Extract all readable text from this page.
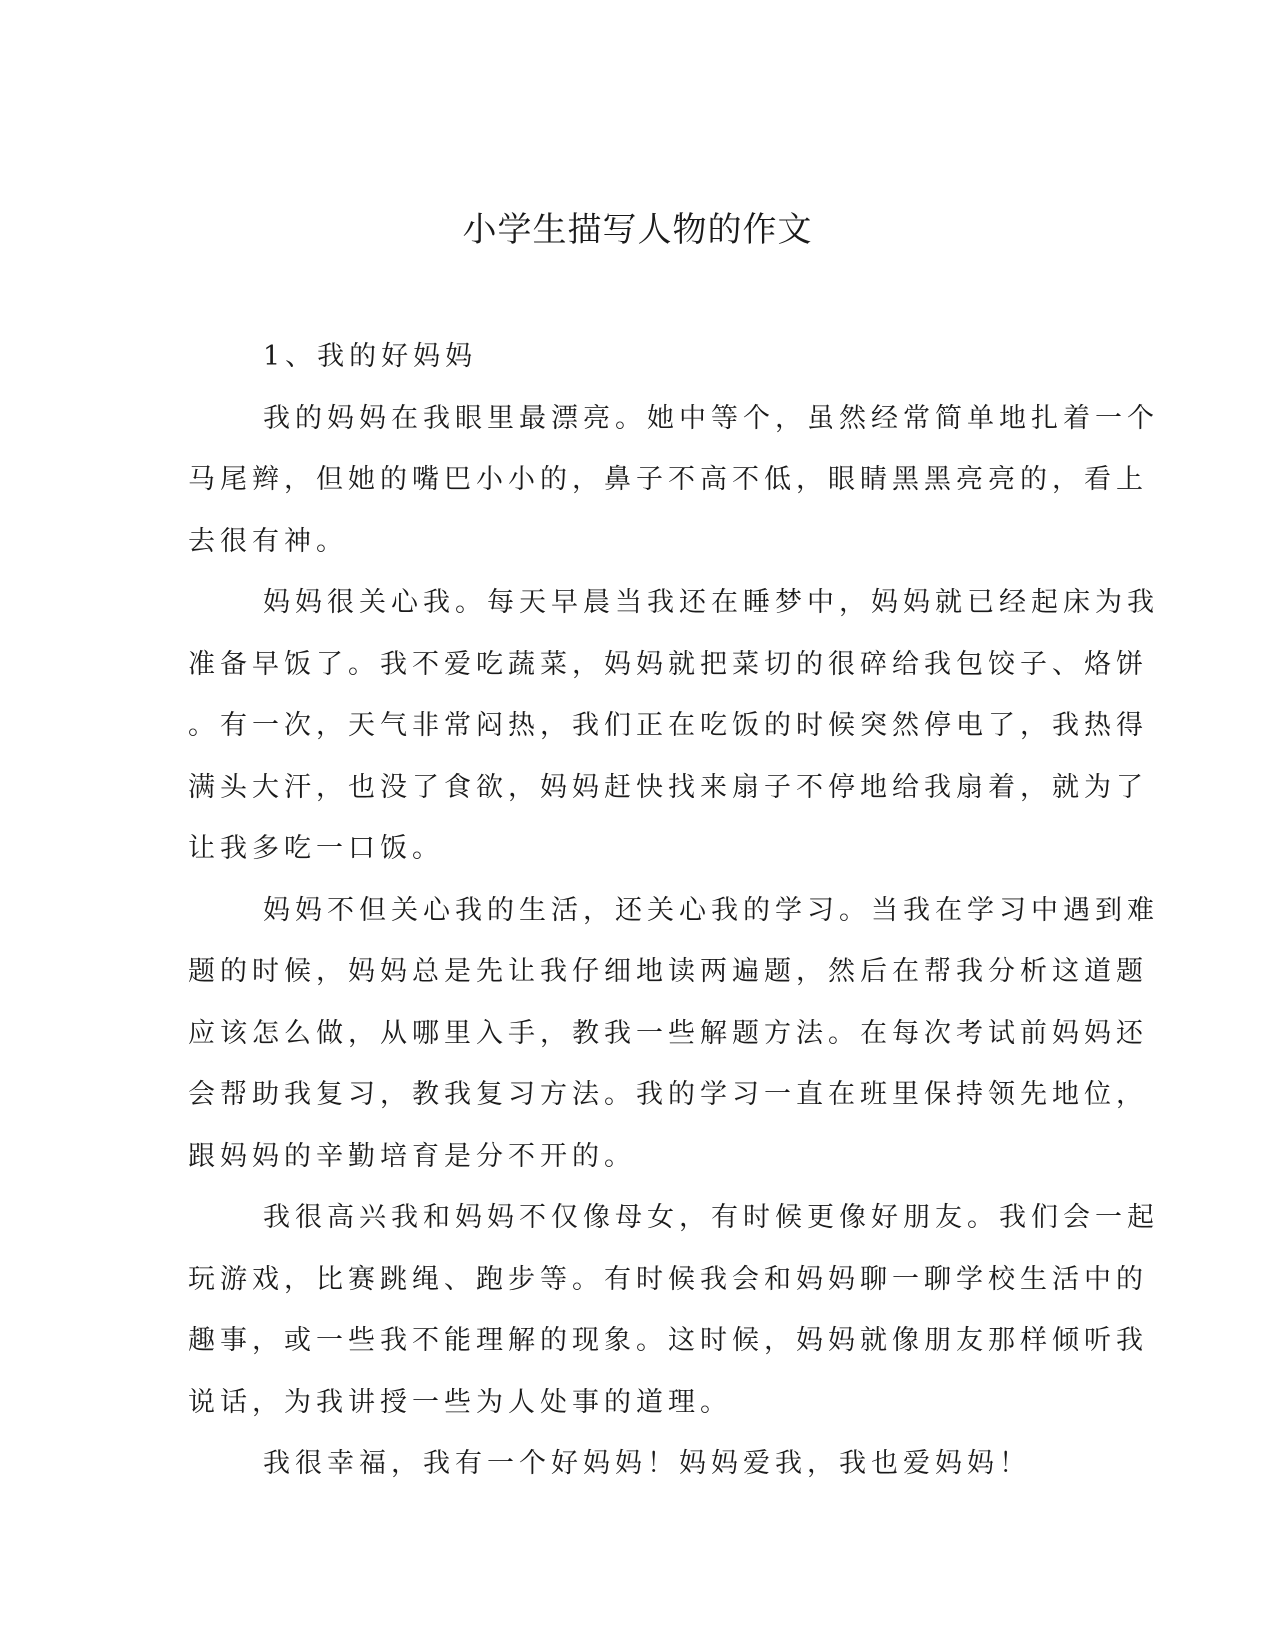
小学生描写人物的作文
1、我的好妈妈
我的妈妈在我眼里最漂亮。她中等个，虽然经常简单地扎着一个
马尾辫，但她的嘴巴小小的，鼻子不高不低，眼睛黑黑亮亮的，看上
去很有神。
妈妈很关心我。每天早晨当我还在睡梦中，妈妈就已经起床为我
准备早饭了。我不爱吃蔬菜，妈妈就把菜切的很碎给我包饺子、烙饼
。有一次，天气非常闷热，我们正在吃饭的时候突然停电了，我热得
满头大汗，也没了食欲，妈妈赶快找来扇子不停地给我扇着，就为了
让我多吃一口饭。
妈妈不但关心我的生活，还关心我的学习。当我在学习中遇到难
题的时候，妈妈总是先让我仔细地读两遍题，然后在帮我分析这道题
应该怎么做，从哪里入手，教我一些解题方法。在每次考试前妈妈还
会帮助我复习，教我复习方法。我的学习一直在班里保持领先地位，
跟妈妈的辛勤培育是分不开的。
我很高兴我和妈妈不仅像母女，有时候更像好朋友。我们会一起
玩游戏，比赛跳绳、跑步等。有时候我会和妈妈聊一聊学校生活中的
趣事，或一些我不能理解的现象。这时候，妈妈就像朋友那样倾听我
说话，为我讲授一些为人处事的道理。
我很幸福，我有一个好妈妈！妈妈爱我，我也爱妈妈！
